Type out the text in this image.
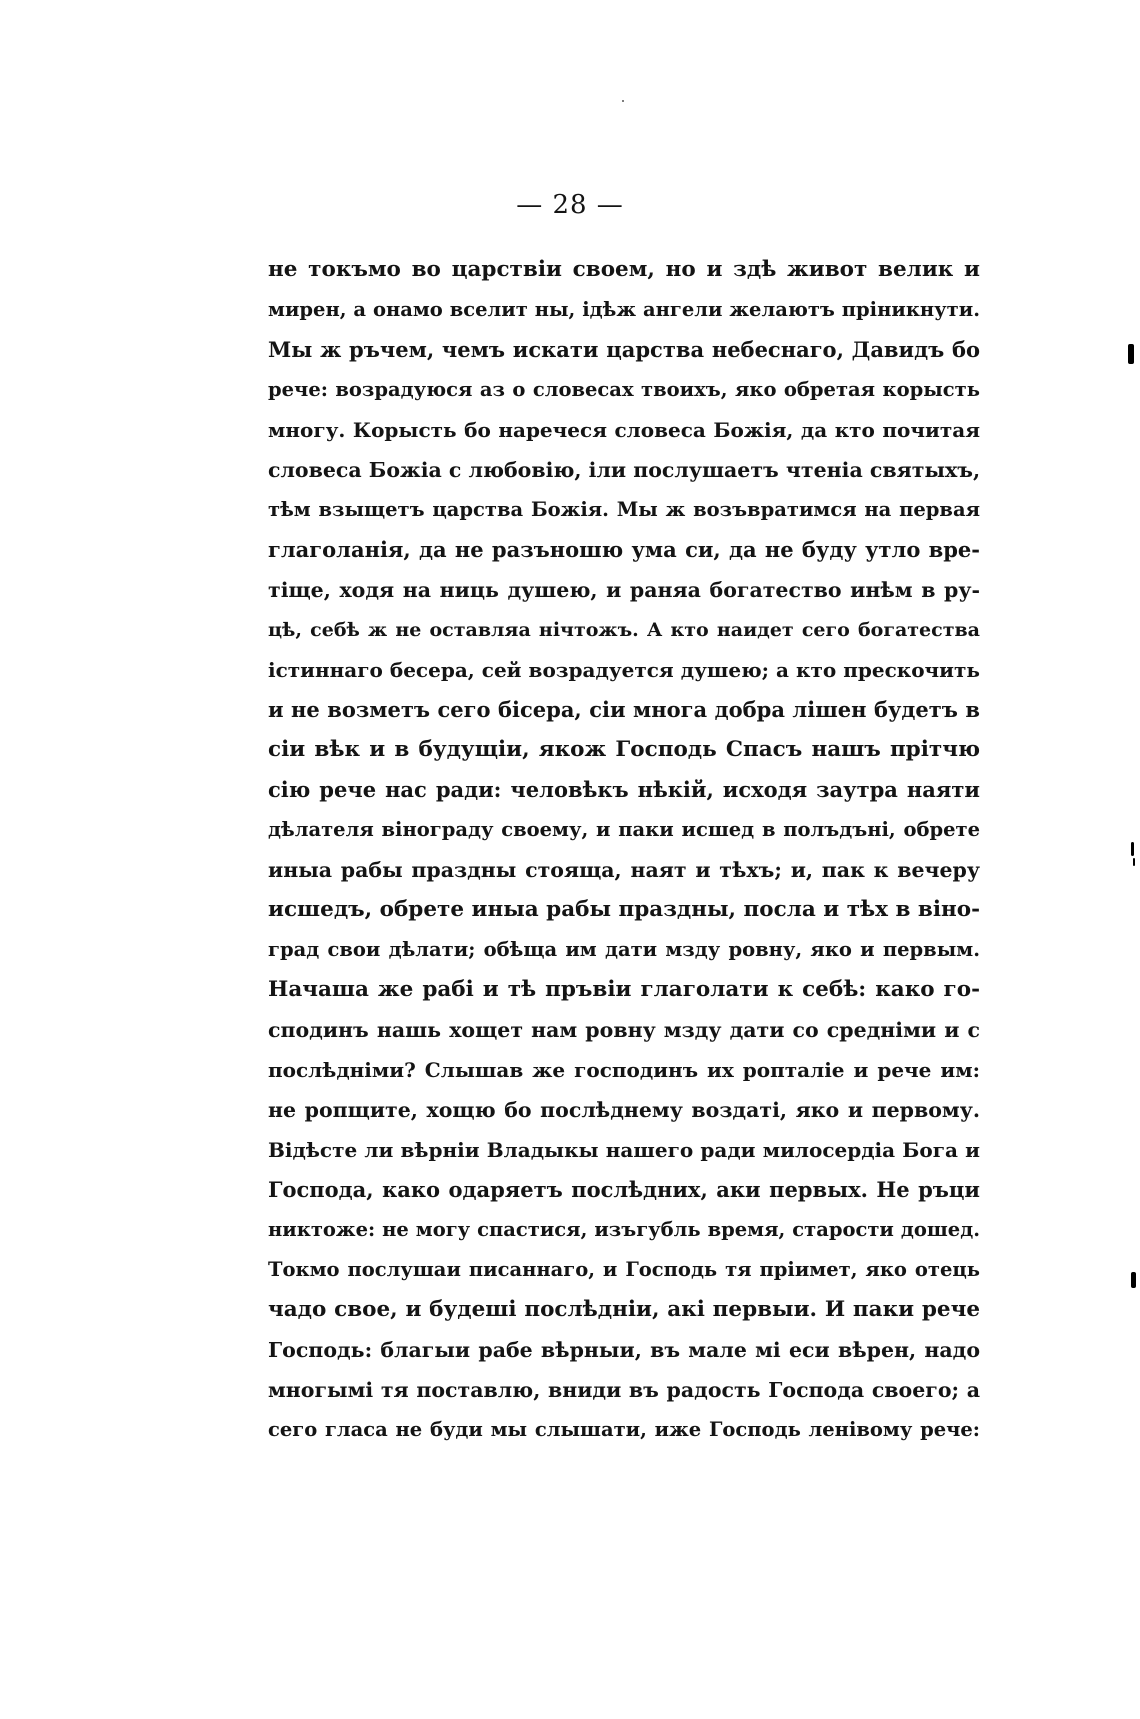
— 28 —
не токъмо во царствіи своем, но и здѣ живот велик и
мирен, а онамо вселит ны, ідѣж ангели желаютъ пріникнути.
Мы ж ръчем, чемъ искати царства небеснаго, Давидъ бо
рече: возрадуюся аз о словесах твоихъ, яко обретая корысть
многу. Корысть бо наречеся словеса Божія, да кто почитая
словеса Божіа с любовію, іли послушаетъ чтеніа святыхъ,
тѣм взыщетъ царства Божія. Мы ж возъвратимся на первая
глаголанія, да не разъношю ума си, да не буду утло вре-
тіще, ходя на ниць душею, и раняа богатество инѣм в ру-
цѣ, себѣ ж не оставляа нічтожъ. А кто наидет сего богатества
істиннаго бесера, сей возрадуется душею; а кто прескочить
и не возметъ сего бісера, сіи многа добра лішен будетъ в
сіи вѣк и в будущіи, якож Господь Спасъ нашъ прітчю
сію рече нас ради: человѣкъ нѣкій, исходя заутра наяти
дѣлателя вінограду своему, и паки исшед в полъдъні, обрете
иныа рабы праздны стояща, наят и тѣхъ; и, пак к вечеру
исшедъ, обрете иныа рабы праздны, посла и тѣх в віно-
град свои дѣлати; обѣща им дати мзду ровну, яко и первым.
Начаша же рабі и тѣ пръвіи глаголати к себѣ: како го-
сподинъ нашь хощет нам ровну мзду дати со средніми и с
послѣдніми? Слышав же господинъ их ропталіе и рече им:
не ропщите, хощю бо послѣднему воздаті, яко и первому.
Відѣсте ли вѣрніи Владыкы нашего ради милосердіа Бога и
Господа, како одаряетъ послѣдних, аки первых. Не ръци
никтоже: не могу спастися, изъгубль время, старости дошед.
Токмо послушаи писаннаго, и Господь тя пріимет, яко отець
чадо свое, и будеші послѣдніи, акі первыи. И паки рече
Господь: благыи рабе вѣрныи, въ мале мі еси вѣрен, надо
многымі тя поставлю, вниди въ радость Господа своего; а
сего гласа не буди мы слышати, иже Господь ленівому рече:
